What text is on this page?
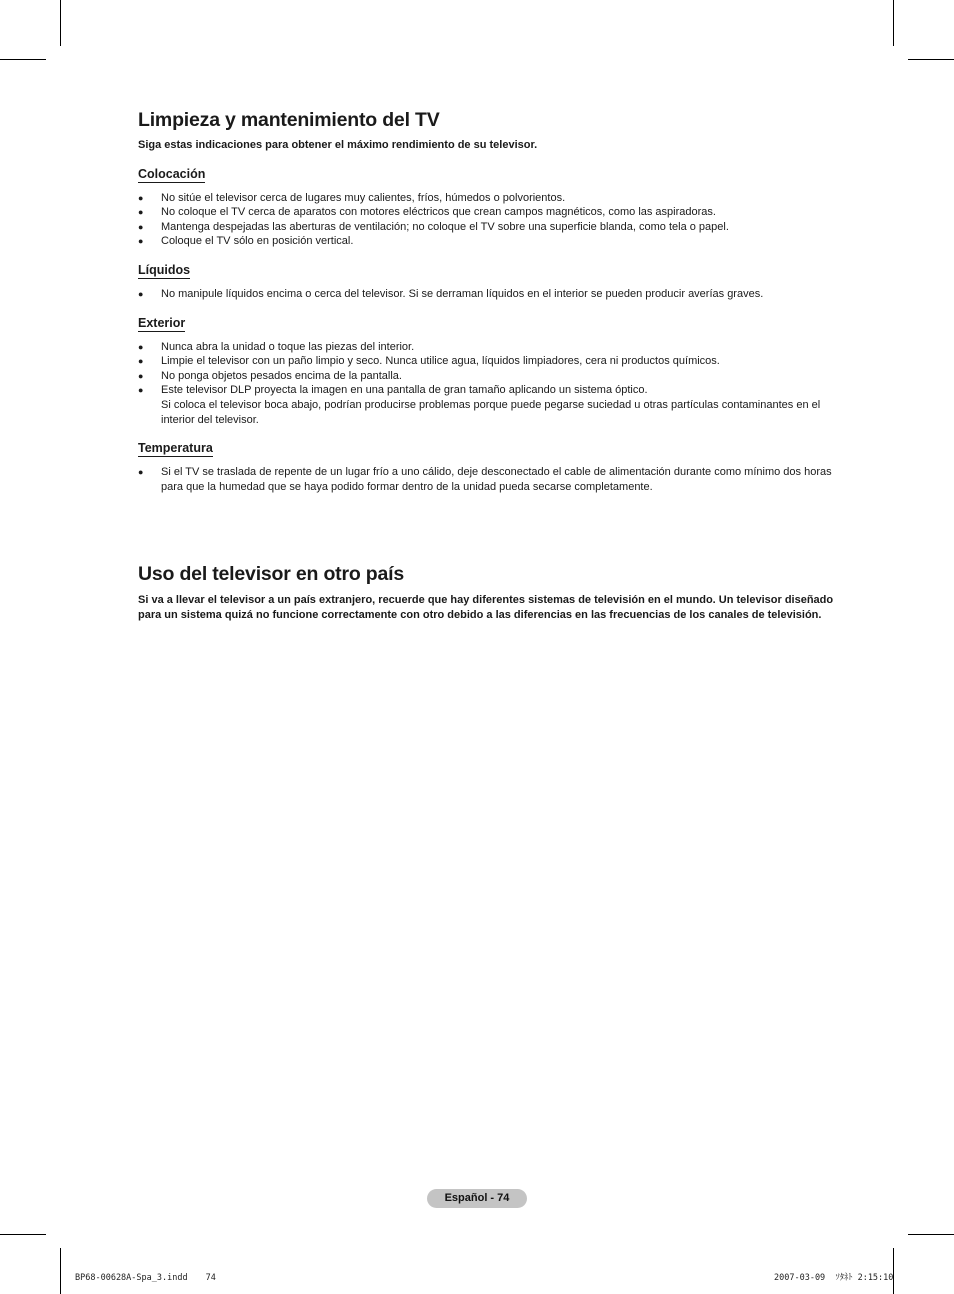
Limpieza y mantenimiento del TV

Siga estas indicaciones para obtener el máximo rendimiento de su televisor.

Colocación
● No sitúe el televisor cerca de lugares muy calientes, fríos, húmedos o polvorientos.
● No coloque el TV cerca de aparatos con motores eléctricos que crean campos magnéticos, como las aspiradoras.
● Mantenga despejadas las aberturas de ventilación; no coloque el TV sobre una superficie blanda, como tela o papel.
● Coloque el TV sólo en posición vertical.
Líquidos
● No manipule líquidos encima o cerca del televisor. Si se derraman líquidos en el interior se pueden producir averías graves.
Exterior
● Nunca abra la unidad o toque las piezas del interior.
● Limpie el televisor con un paño limpio y seco. Nunca utilice agua, líquidos limpiadores, cera ni productos químicos.
● No ponga objetos pesados encima de la pantalla.
● Este televisor DLP proyecta la imagen en una pantalla de gran tamaño aplicando un sistema óptico.
Si coloca el televisor boca abajo, podrían producirse problemas porque puede pegarse suciedad u otras partículas contaminantes en el interior del televisor.
Temperatura
● Si el TV se traslada de repente de un lugar frío a uno cálido, deje desconectado el cable de alimentación durante como mínimo dos horas para que la humedad que se haya podido formar dentro de la unidad pueda secarse completamente.
Uso del televisor en otro país

Si va a llevar el televisor a un país extranjero, recuerde que hay diferentes sistemas de televisión en el mundo. Un televisor diseñado para un sistema quizá no funcione correctamente con otro debido a las diferencias en las frecuencias de los canales de televisión.

Español - 74
BP68-00628A-Spa_3.indd 74	2007-03-09 ｿﾀﾈﾄ 2:15:10
